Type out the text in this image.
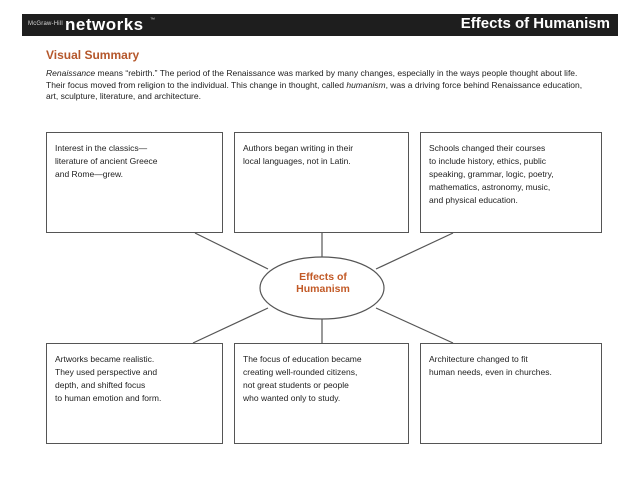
McGraw-Hill networks ™	Effects of Humanism
Visual Summary
Renaissance means “rebirth.” The period of the Renaissance was marked by many changes, especially in the ways people thought about life. Their focus moved from religion to the individual. This change in thought, called humanism, was a driving force behind Renaissance education, art, sculpture, literature, and architecture.
Effects of
Humanism
Interest in the classics—
literature of ancient Greece
and Rome—grew.
Authors began writing in their
local languages, not in Latin.
Schools changed their courses
to include history, ethics, public
speaking, grammar, logic, poetry,
mathematics, astronomy, music,
and physical education.
Artworks became realistic.
They used perspective and
depth, and shifted focus
to human emotion and form.
The focus of education became
creating well-rounded citizens,
not great students or people
who wanted only to study.
Architecture changed to fit
human needs, even in churches.
